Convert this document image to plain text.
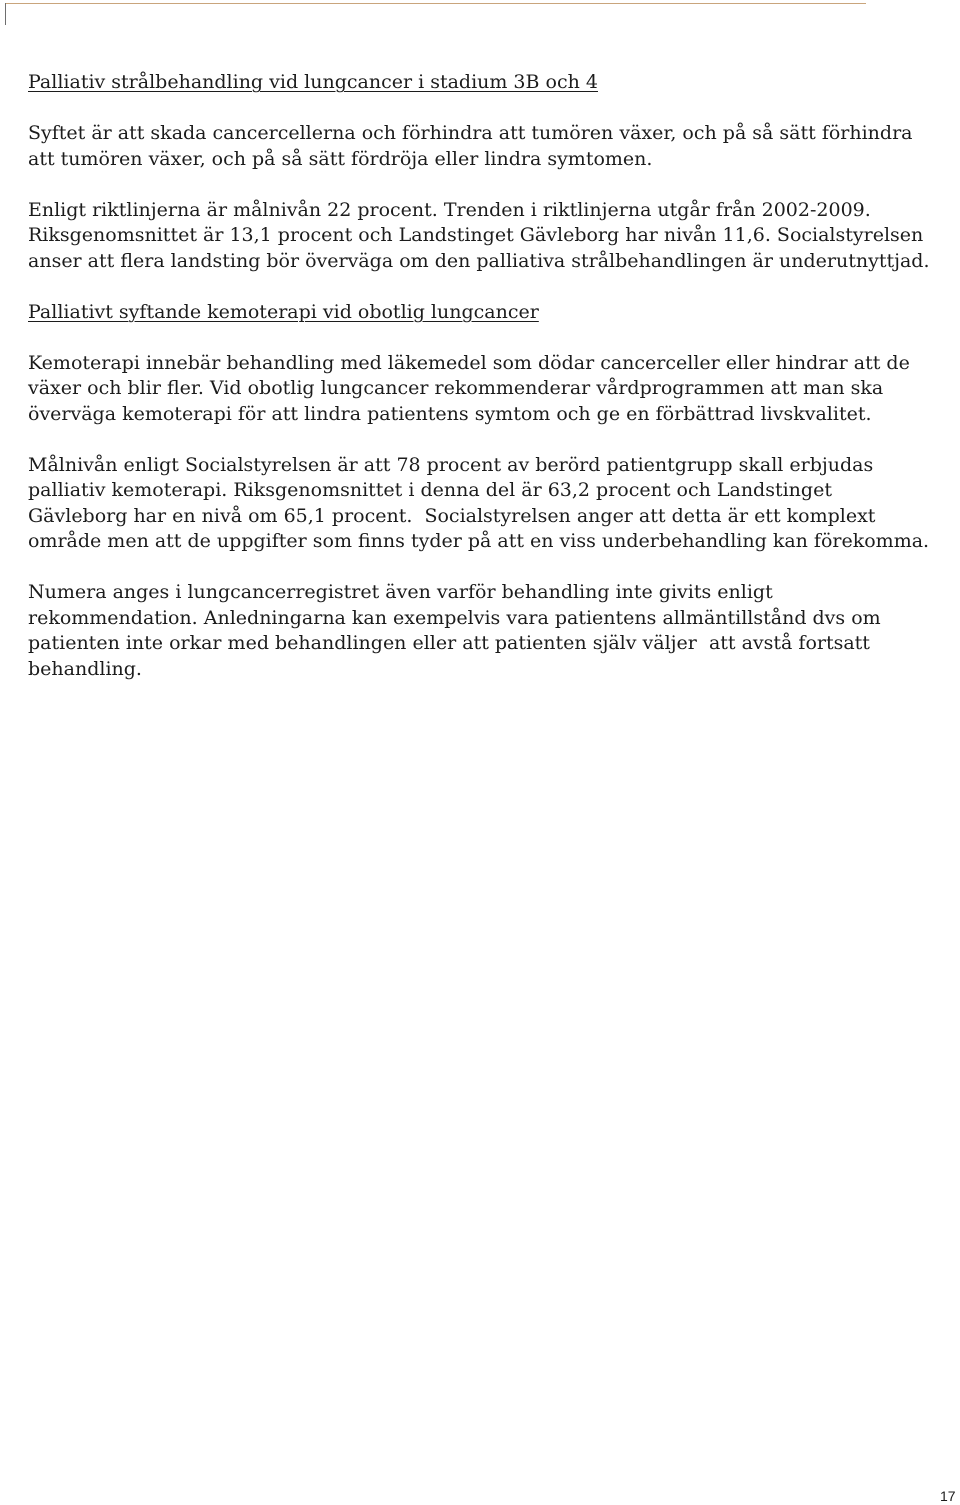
Palliativ strålbehandling vid lungcancer i stadium 3B och 4
Syftet är att skada cancercellerna och förhindra att tumören växer, och på så sätt förhindra
att tumören växer, och på så sätt fördröja eller lindra symtomen.
Enligt riktlinjerna är målnivån 22 procent. Trenden i riktlinjerna utgår från 2002-2009.
Riksgenomsnittet är 13,1 procent och Landstinget Gävleborg har nivån 11,6. Socialstyrelsen
anser att flera landsting bör överväga om den palliativa strålbehandlingen är underutnyttjad.
Palliativt syftande kemoterapi vid obotlig lungcancer
Kemoterapi innebär behandling med läkemedel som dödar cancerceller eller hindrar att de
växer och blir fler. Vid obotlig lungcancer rekommenderar vårdprogrammen att man ska
överväga kemoterapi för att lindra patientens symtom och ge en förbättrad livskvalitet.
Målnivån enligt Socialstyrelsen är att 78 procent av berörd patientgrupp skall erbjudas
palliativ kemoterapi. Riksgenomsnittet i denna del är 63,2 procent och Landstinget
Gävleborg har en nivå om 65,1 procent.  Socialstyrelsen anger att detta är ett komplext
område men att de uppgifter som finns tyder på att en viss underbehandling kan förekomma.
Numera anges i lungcancerregistret även varför behandling inte givits enligt
rekommendation. Anledningarna kan exempelvis vara patientens allmäntillstånd dvs om
patienten inte orkar med behandlingen eller att patienten själv väljer  att avstå fortsatt
behandling.
17
